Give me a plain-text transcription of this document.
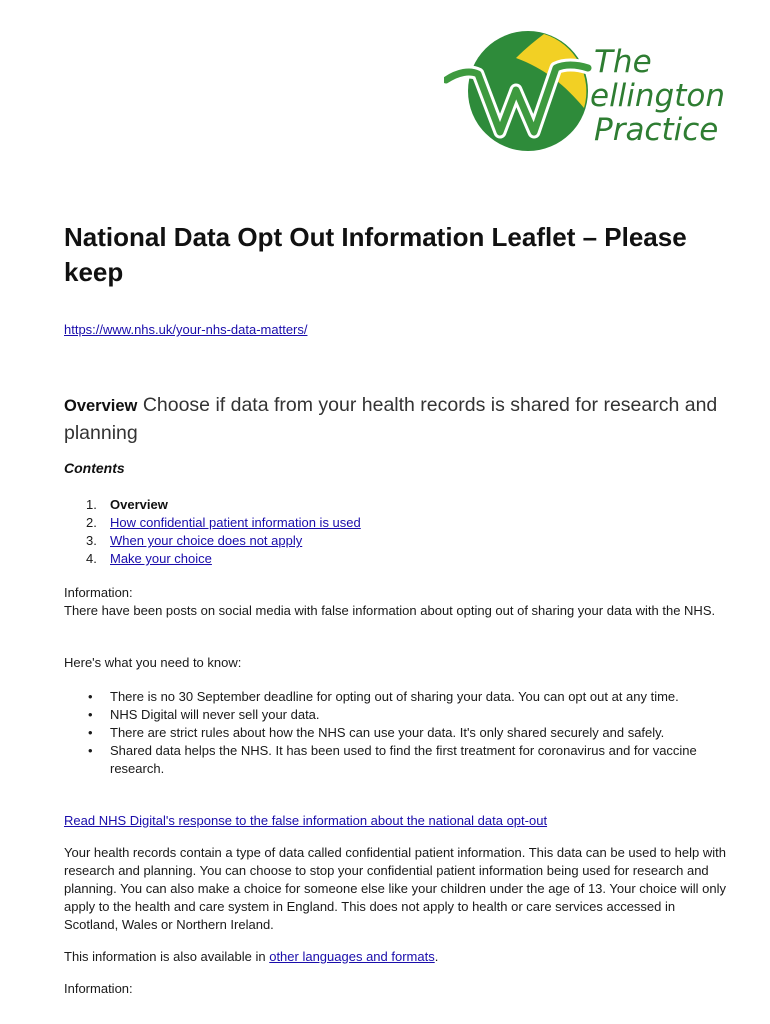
W
The
ellington
Practice
National Data Opt Out Information Leaflet – Please keep
https://www.nhs.uk/your-nhs-data-matters/
Overview Choose if data from your health records is shared for research and planning
Contents
1. Overview
2. How confidential patient information is used
3. When your choice does not apply
4. Make your choice

Information:
There have been posts on social media with false information about opting out of sharing your data with the NHS.

Here's what you need to know:

• There is no 30 September deadline for opting out of sharing your data. You can opt out at any time.
• NHS Digital will never sell your data.
• There are strict rules about how the NHS can use your data. It's only shared securely and safely.
• Shared data helps the NHS. It has been used to find the first treatment for coronavirus and for vaccine research.

Read NHS Digital's response to the false information about the national data opt-out

Your health records contain a type of data called confidential patient information. This data can be used to help with research and planning. You can choose to stop your confidential patient information being used for research and planning. You can also make a choice for someone else like your children under the age of 13. Your choice will only apply to the health and care system in England. This does not apply to health or care services accessed in Scotland, Wales or Northern Ireland.

This information is also available in other languages and formats.

Information:
